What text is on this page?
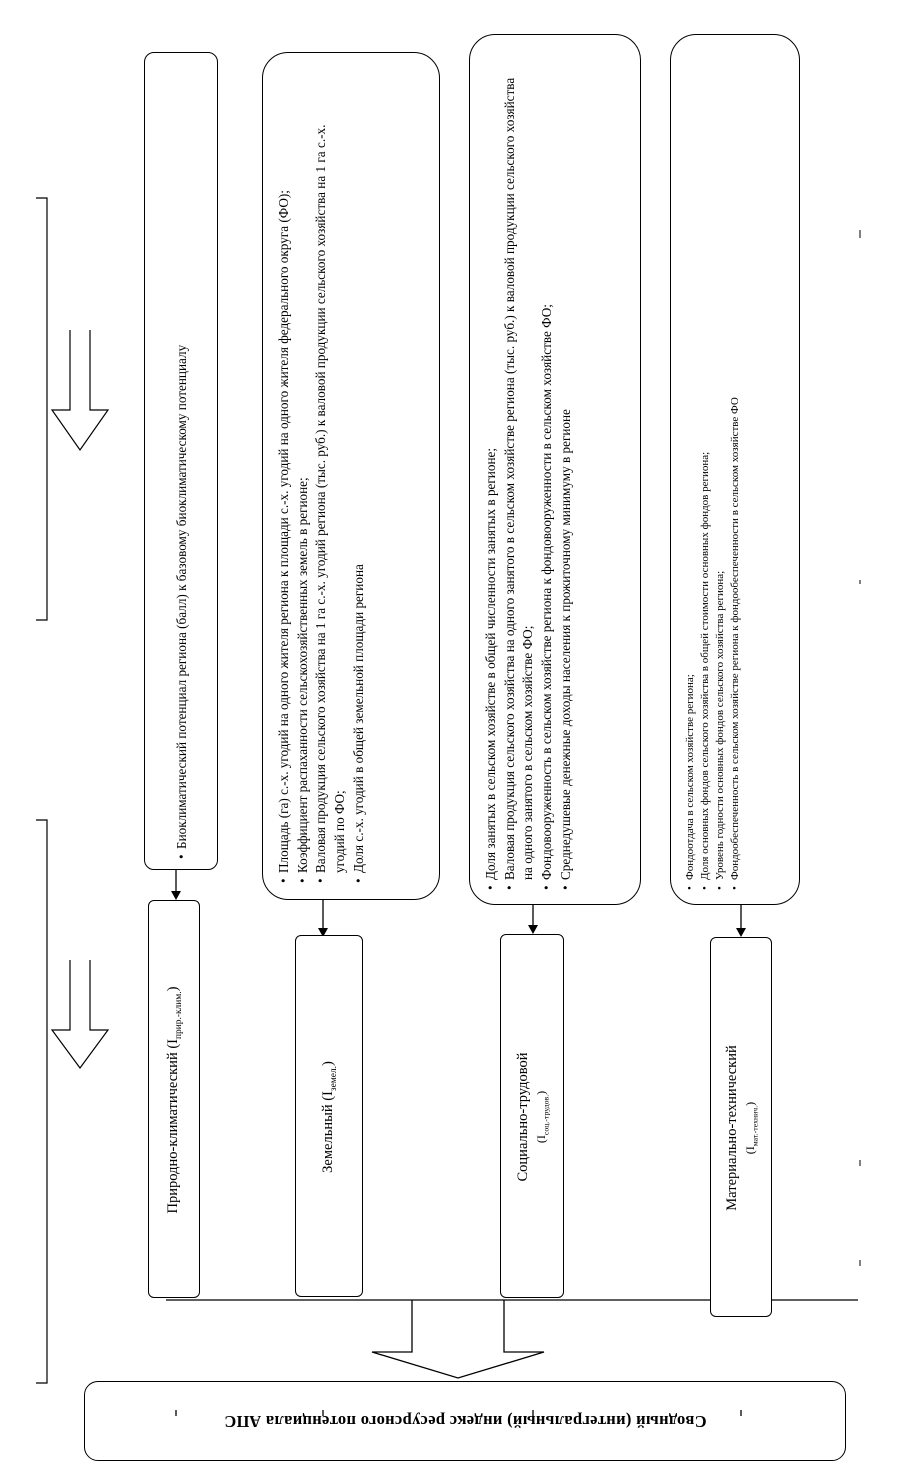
Природно-климатический $(I_{прир.-клим.})$
Земельный $(I_{земел.})$	Социально-трудовой $(I_{соц.-трудов.})$	Материально-технический $(I_{мат.-технич.})$
• Биоклиматический потенциал региона (балл) к базовому биоклиматическому потенциалу	• Площадь (га) с.-х. угодий на одного жителя региона к площади с.-х. угодий на одного жителя федерального округа (ФО); • Коэффициент распаханности сельскохозяйственных земель в регионе; • Валовая продукция сельского хозяйства на 1 га с.-х. угодий региона (тыс. руб.) к валовой продукции сельского хозяйства на 1 га с.-х. угодий по ФО; • Доля с.-х. угодий в общей земельной площади региона	• Доля занятых в сельском хозяйстве в общей численности занятых в регионе; • Валовая продукция сельского хозяйства на одного занятого в сельском хозяйстве региона (тыс. руб.) к валовой продукции сельского хозяйства на одного занятого в сельском хозяйстве ФО; • Фондовооруженность в сельском хозяйстве региона к фондовооруженности в сельском хозяйстве ФО; • Среднедушевые денежные доходы населения к прожиточному минимуму в регионе	• Фондоотдача в сельском хозяйстве региона; • Доля основных фондов сельского хозяйства в общей стоимости основных фондов региона; • Уровень годности основных фондов сельского хозяйства региона; • Фондообеспеченность в сельском хозяйстве региона к фондообеспеченности в сельском хозяйстве ФО
Сводный (интегральный) индекс ресурсного потенциала АПС
